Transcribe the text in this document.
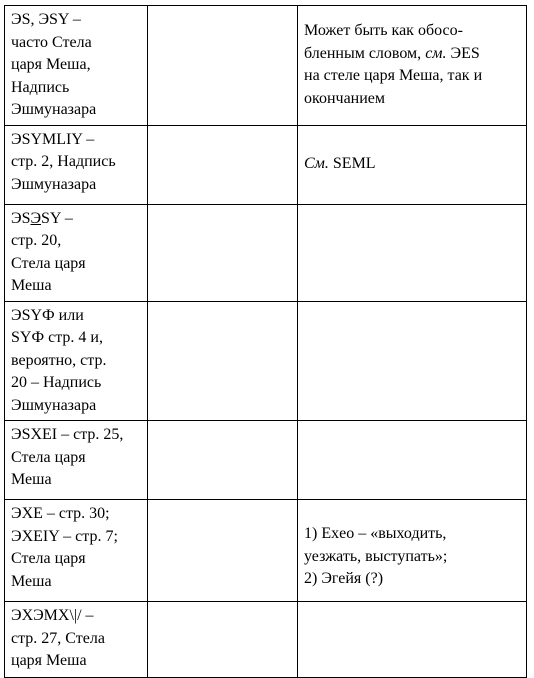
ЭS, ЭSY –
часто Стела
царя Меша,
Надпись
Эшмуназара		Может быть как обосо-
бленным словом, см. ЭES
на стеле царя Меша, так и
окончанием

ЭSYMLIY –
стр. 2, Надпись
Эшмуназара		См. SEML

ЭSЭSY –
стр. 20,
Стела царя
Меша		

ЭSYФ или
SYФ стр. 4 и,
вероятно, стр.
20 – Надпись
Эшмуназара		

ЭSXEI – стр. 25,
Стела царя
Меша		

ЭXE – стр. 30;
ЭXEIY – стр. 7;
Стела царя
Меша		1) Exeo – «выходить,
уезжать, выступать»;
2) Эгейя (?)

ЭXЭMX\|/ –
стр. 27, Стела
царя Меша		
